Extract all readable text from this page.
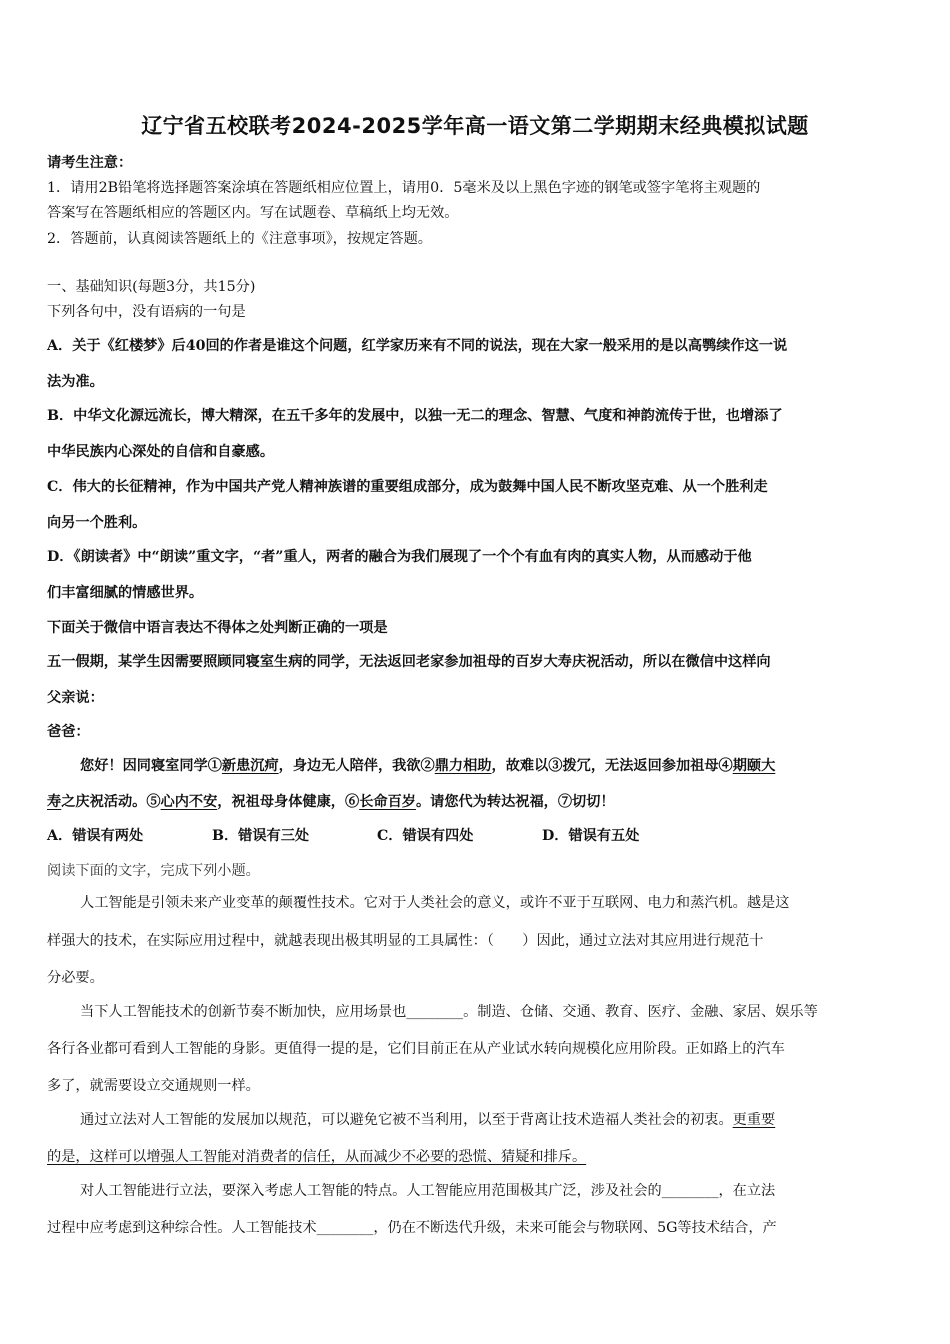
辽宁省五校联考2024-2025学年高一语文第二学期期末经典模拟试题
请考生注意：
1．请用2B铅笔将选择题答案涂填在答题纸相应位置上，请用0．5毫米及以上黑色字迹的钢笔或签字笔将主观题的
答案写在答题纸相应的答题区内。写在试题卷、草稿纸上均无效。
2．答题前，认真阅读答题纸上的《注意事项》，按规定答题。
一、基础知识(每题3分，共15分)
下列各句中，没有语病的一句是
A．关于《红楼梦》后40回的作者是谁这个问题，红学家历来有不同的说法，现在大家一般采用的是以高鹗续作这一说
法为准。
B．中华文化源远流长，博大精深，在五千多年的发展中，以独一无二的理念、智慧、气度和神韵流传于世，也增添了
中华民族内心深处的自信和自豪感。
C．伟大的长征精神，作为中国共产党人精神族谱的重要组成部分，成为鼓舞中国人民不断攻坚克难、从一个胜利走
向另一个胜利。
D．《朗读者》中“朗读”重文字，“者”重人，两者的融合为我们展现了一个个有血有肉的真实人物，从而感动于他
们丰富细腻的情感世界。
下面关于微信中语言表达不得体之处判断正确的一项是
五一假期，某学生因需要照顾同寝室生病的同学，无法返回老家参加祖母的百岁大寿庆祝活动，所以在微信中这样向
父亲说：
爸爸：
您好！因同寝室同学①新患沉疴，身边无人陪伴，我欲②鼎力相助，故难以③拨冗，无法返回参加祖母④期颐大
寿之庆祝活动。⑤心内不安，祝祖母身体健康，⑥长命百岁。请您代为转达祝福，⑦切切！
A．错误有两处	B．错误有三处	C．错误有四处	D．错误有五处
阅读下面的文字，完成下列小题。
人工智能是引领未来产业变革的颠覆性技术。它对于人类社会的意义，或许不亚于互联网、电力和蒸汽机。越是这
样强大的技术，在实际应用过程中，就越表现出极其明显的工具属性：（　　）因此，通过立法对其应用进行规范十
分必要。
当下人工智能技术的创新节奏不断加快，应用场景也________。制造、仓储、交通、教育、医疗、金融、家居、娱乐等
各行各业都可看到人工智能的身影。更值得一提的是，它们目前正在从产业试水转向规模化应用阶段。正如路上的汽车
多了，就需要设立交通规则一样。
通过立法对人工智能的发展加以规范，可以避免它被不当利用，以至于背离让技术造福人类社会的初衷。更重要
的是，这样可以增强人工智能对消费者的信任，从而减少不必要的恐慌、猜疑和排斥。
对人工智能进行立法，要深入考虑人工智能的特点。人工智能应用范围极其广泛，涉及社会的________，在立法
过程中应考虑到这种综合性。人工智能技术________，仍在不断迭代升级，未来可能会与物联网、5G等技术结合，产
